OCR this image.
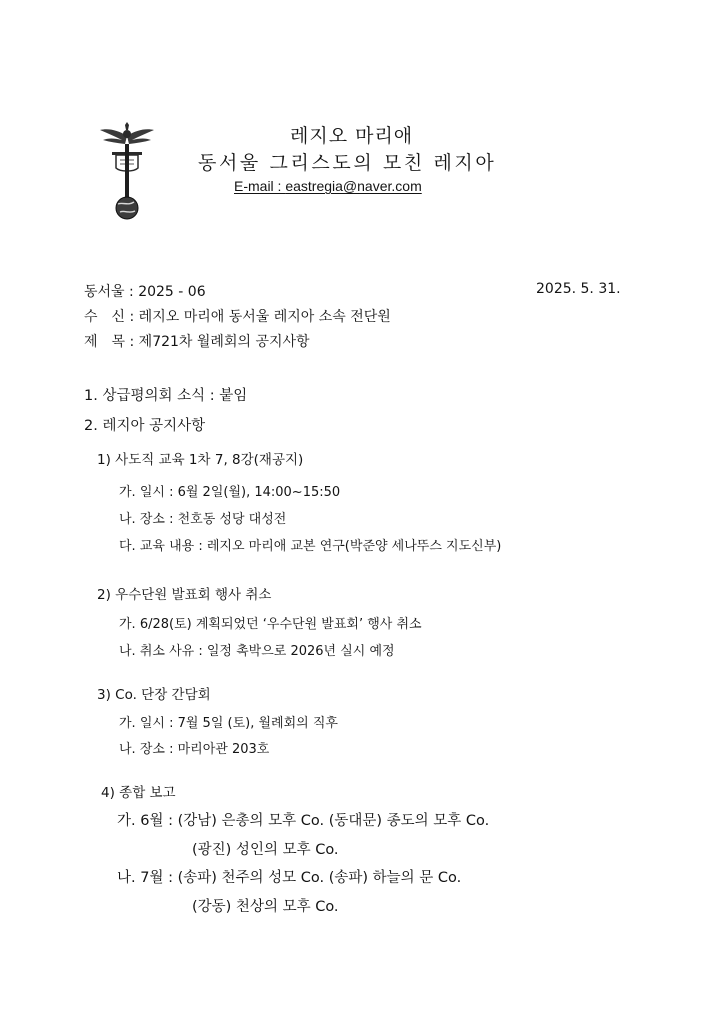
레지오 마리애
동서울 그리스도의 모친 레지아
E-mail : eastregia@naver.com
동서울 : 2025 - 06	2025. 5. 31.
수　신 : 레지오 마리애 동서울 레지아 소속 전단원
제　목 : 제721차 월례회의 공지사항
1. 상급평의회 소식 : 붙임
2. 레지아 공지사항
1) 사도직 교육 1차 7, 8강(재공지)
가. 일시 : 6월 2일(월), 14:00~15:50
나. 장소 : 천호동 성당 대성전
다. 교육 내용 : 레지오 마리애 교본 연구(박준양 세나뚜스 지도신부)
2) 우수단원 발표회 행사 취소
가. 6/28(토) 계획되었던 ‘우수단원 발표회’ 행사 취소
나. 취소 사유 : 일정 촉박으로 2026년 실시 예정
3) Co. 단장 간담회
가. 일시 : 7월 5일 (토), 월례회의 직후
나. 장소 : 마리아관 203호
4) 종합 보고
가. 6월 : (강남) 은총의 모후 Co. (동대문) 종도의 모후 Co.
(광진) 성인의 모후 Co.
나. 7월 : (송파) 천주의 성모 Co. (송파) 하늘의 문 Co.
(강동) 천상의 모후 Co.
